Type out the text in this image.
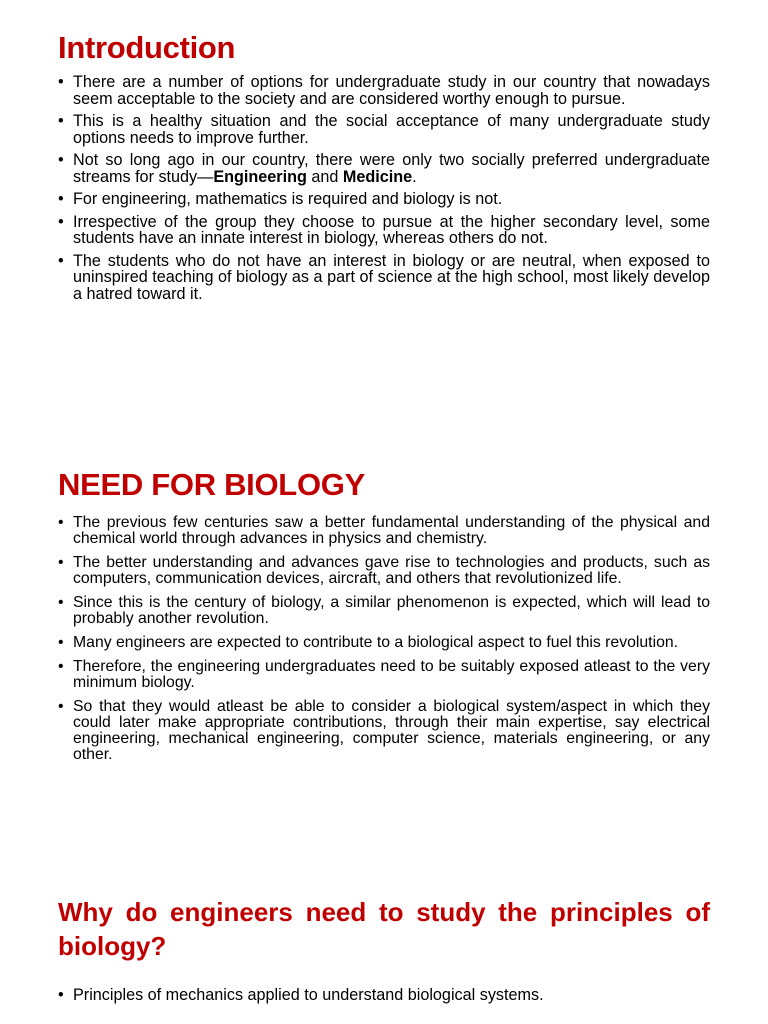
Introduction
• There are a number of options for undergraduate study in our country that nowadays seem acceptable to the society and are considered worthy enough to pursue.
• This is a healthy situation and the social acceptance of many undergraduate study options needs to improve further.
• Not so long ago in our country, there were only two socially preferred undergraduate streams for study—Engineering and Medicine.
• For engineering, mathematics is required and biology is not.
• Irrespective of the group they choose to pursue at the higher secondary level, some students have an innate interest in biology, whereas others do not.
• The students who do not have an interest in biology or are neutral, when exposed to uninspired teaching of biology as a part of science at the high school, most likely develop a hatred toward it.
NEED FOR BIOLOGY
• The previous few centuries saw a better fundamental understanding of the physical and chemical world through advances in physics and chemistry.
• The better understanding and advances gave rise to technologies and products, such as computers, communication devices, aircraft, and others that revolutionized life.
• Since this is the century of biology, a similar phenomenon is expected, which will lead to probably another revolution.
• Many engineers are expected to contribute to a biological aspect to fuel this revolution.
• Therefore, the engineering undergraduates need to be suitably exposed atleast to the very minimum biology.
• So that they would atleast be able to consider a biological system/aspect in which they could later make appropriate contributions, through their main expertise, say electrical engineering, mechanical engineering, computer science, materials engineering, or any other.
Why do engineers need to study the principles of biology?
• Principles of mechanics applied to understand biological systems.
